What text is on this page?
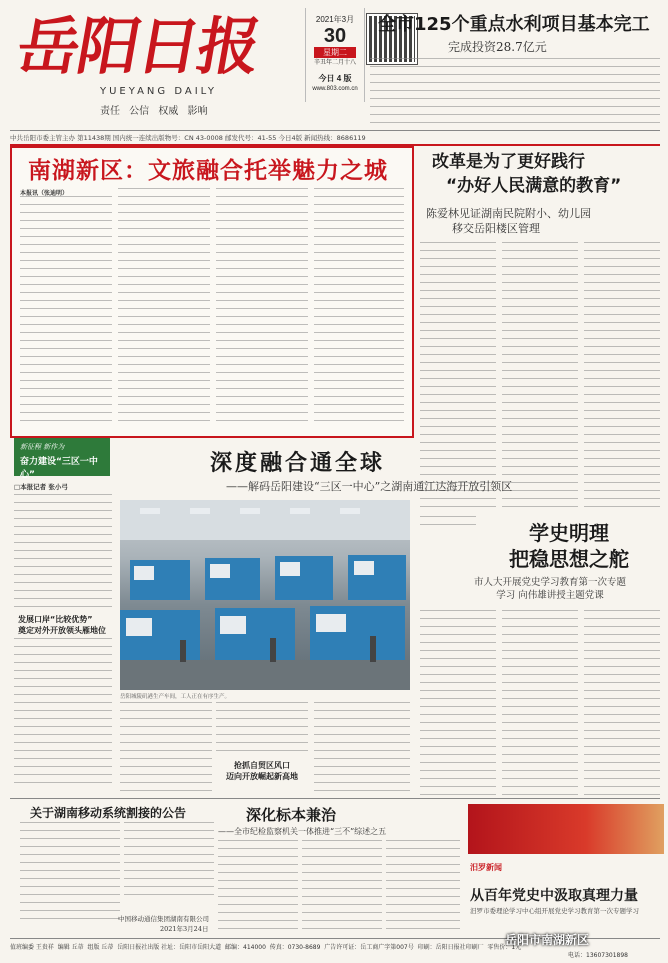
岳阳日报
YUEYANG DAILY
责任 公信 权威 影响
2021年3月
30
星期二
辛丑年二月十八
今日 4 版
www.803.com.cn
全市125个重点水利项目基本完工
完成投资28.7亿元
中共岳阳市委主管主办 第11438期 国内统一连续出版物号：CN 43-0008 邮发代号：41-55 今日4版 新闻热线：8686119
南湖新区：文旅融合托举魅力之城
本报讯（张迪明）
改革是为了更好践行
“办好人民满意的教育”
陈爱林见证湖南民院附小、幼儿园
移交岳阳楼区管理
新征程 新作为
奋力建设“三区一中心”	深度融合通全球
——解码岳阳建设“三区一中心”之湖南通江达海开放引领区
□本报记者 张小弓
发展口岸“比较优势”
奠定对外开放领头雁地位
岳阳城陵矶港生产车间，工人正在有序生产。
抢抓自贸区风口
迈向开放崛起新高地
学史明理
把稳思想之舵
市人大开展党史学习教育第一次专题
学习 向伟雄讲授主题党课
关于湖南移动系统割接的公告
中国移动通信集团湖南有限公司
2021年3月24日
深化标本兼治
——全市纪检监察机关一体推进“三不”综述之五
汨罗新闻
从百年党史中汲取真理力量
汨罗市委理论学习中心组开展党史学习教育第一次专题学习
值班编委 王贵祥 编辑 丘蒂 组版 丘蒂 岳阳日报社出版 社址：岳阳市岳阳大道 邮编：414000 传真：0730-8689 广告许可证：岳工商广字第007号 印刷：岳阳日报社印刷厂 零售价：1元
电话：13607301898
岳阳市南湖新区
